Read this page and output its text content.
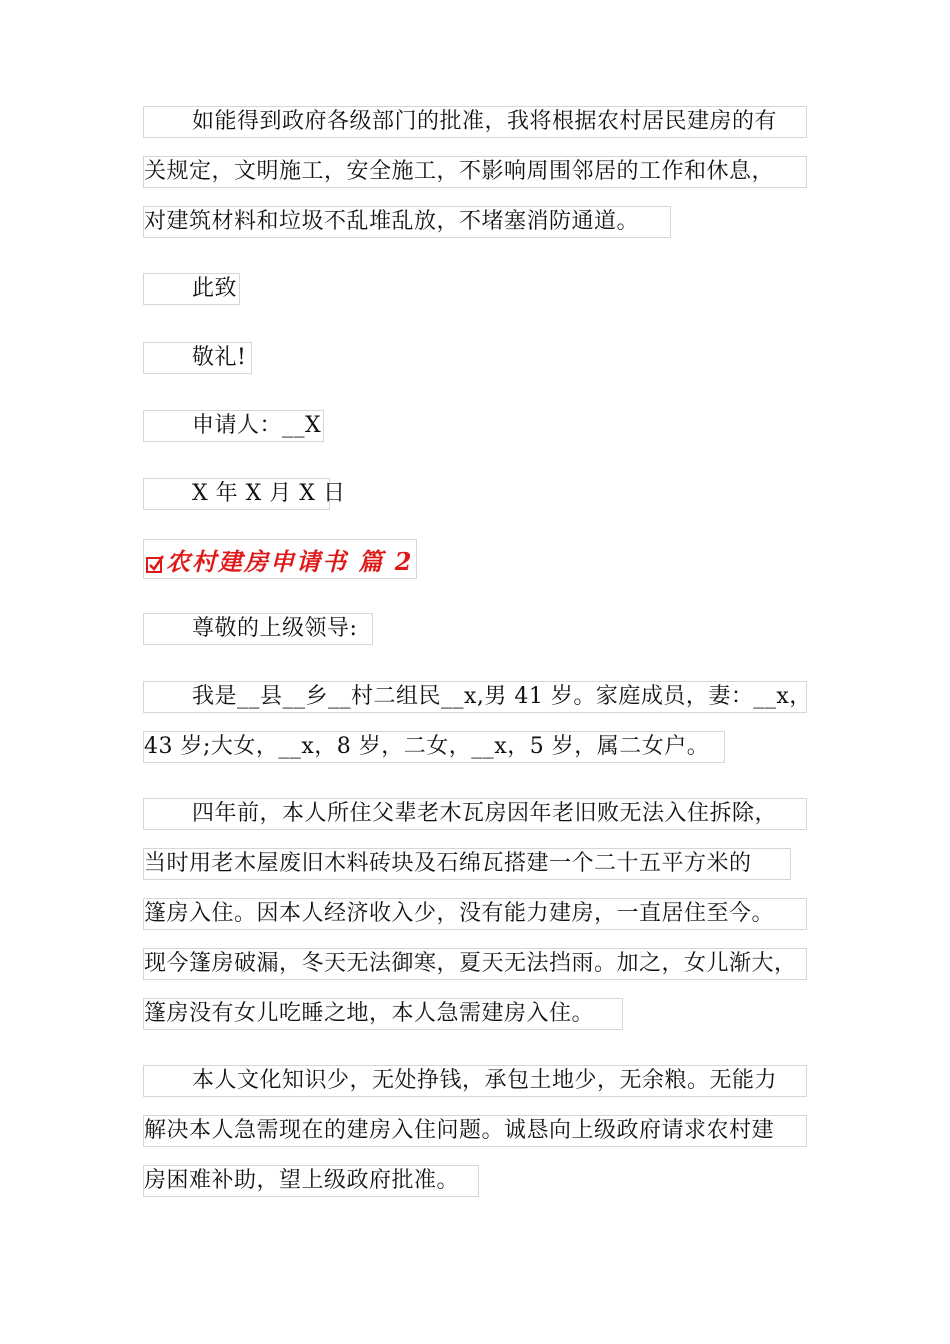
如能得到政府各级部门的批准，我将根据农村居民建房的有
关规定，文明施工，安全施工，不影响周围邻居的工作和休息，
对建筑材料和垃圾不乱堆乱放，不堵塞消防通道。
此致
敬礼!
申请人：__X
X 年 X 月 X 日
农村建房申请书 篇 2
尊敬的上级领导:
我是__县__乡__村二组民__x,男 41 岁。家庭成员，妻：__x，
43 岁;大女，__x，8 岁，二女，__x，5 岁，属二女户。
四年前，本人所住父辈老木瓦房因年老旧败无法入住拆除，
当时用老木屋废旧木料砖块及石绵瓦搭建一个二十五平方米的
篷房入住。因本人经济收入少，没有能力建房，一直居住至今。
现今篷房破漏，冬天无法御寒，夏天无法挡雨。加之，女儿渐大，
篷房没有女儿吃睡之地，本人急需建房入住。
本人文化知识少，无处挣钱，承包土地少，无余粮。无能力
解决本人急需现在的建房入住问题。诚恳向上级政府请求农村建
房困难补助，望上级政府批准。
